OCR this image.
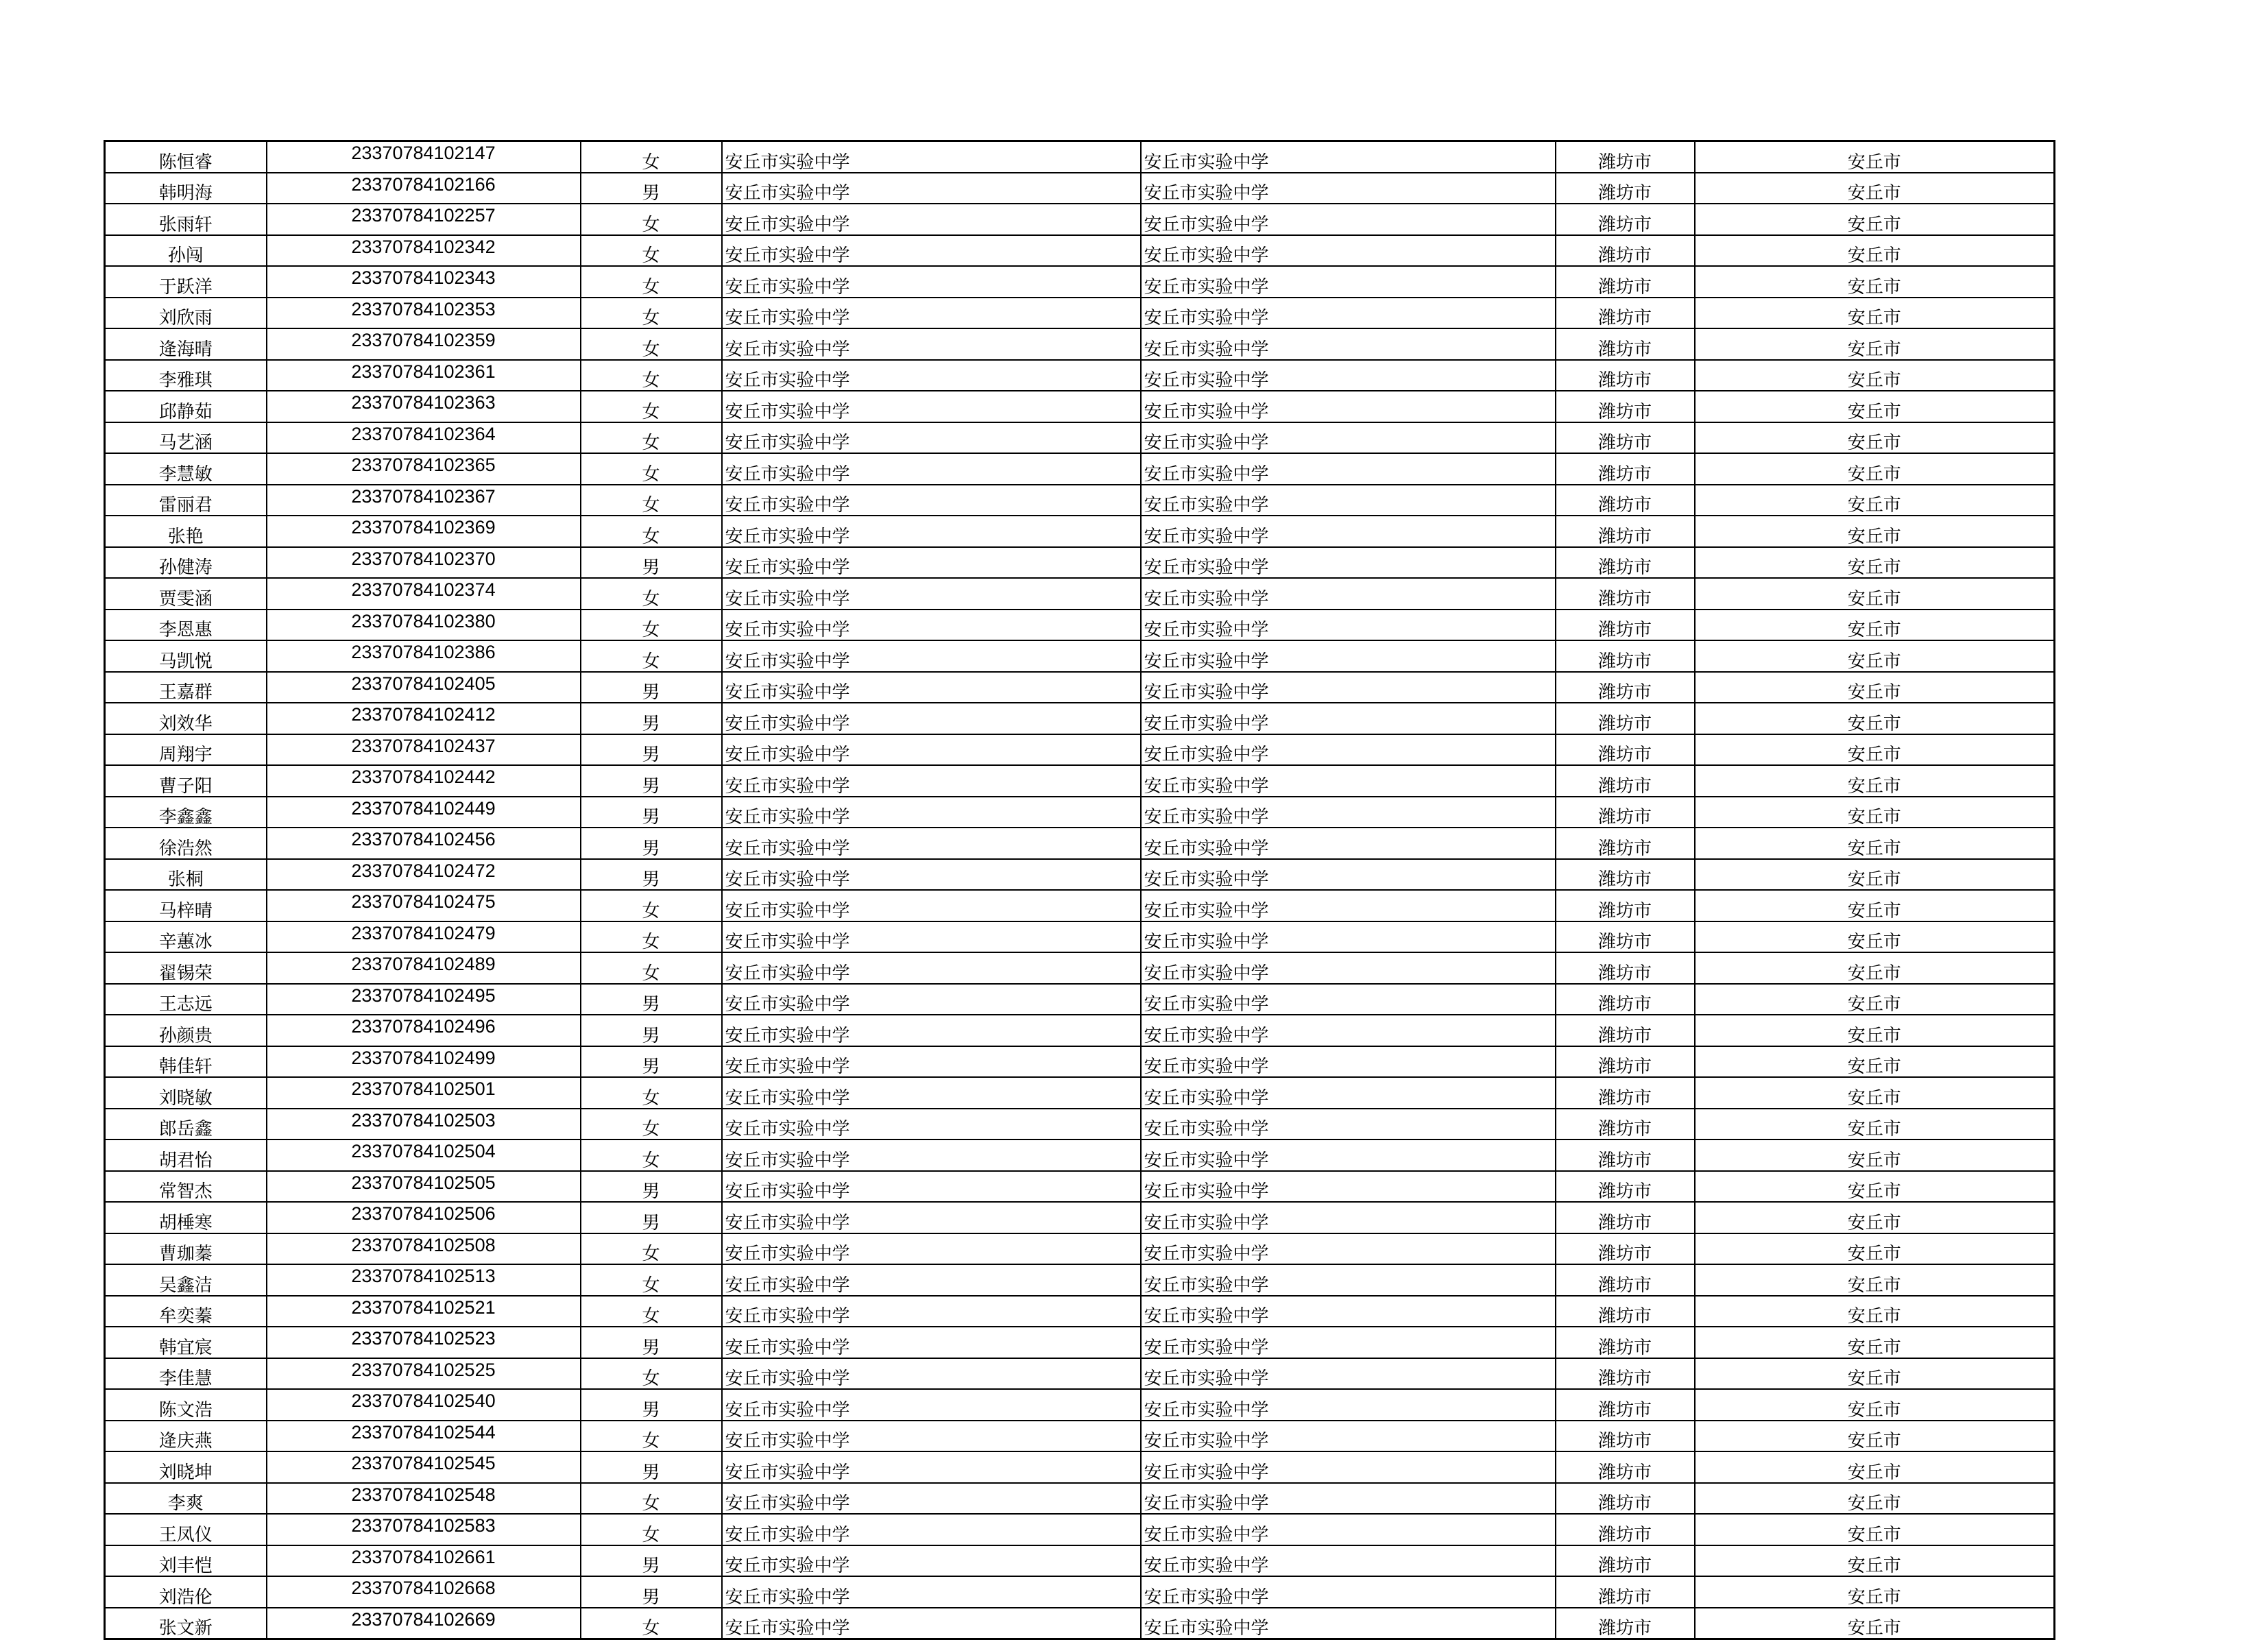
陈恒睿	23370784102147	女	安丘市实验中学	安丘市实验中学	潍坊市	安丘市
韩明海	23370784102166	男	安丘市实验中学	安丘市实验中学	潍坊市	安丘市
张雨轩	23370784102257	女	安丘市实验中学	安丘市实验中学	潍坊市	安丘市
孙闯	23370784102342	女	安丘市实验中学	安丘市实验中学	潍坊市	安丘市
于跃洋	23370784102343	女	安丘市实验中学	安丘市实验中学	潍坊市	安丘市
刘欣雨	23370784102353	女	安丘市实验中学	安丘市实验中学	潍坊市	安丘市
逄海晴	23370784102359	女	安丘市实验中学	安丘市实验中学	潍坊市	安丘市
李雅琪	23370784102361	女	安丘市实验中学	安丘市实验中学	潍坊市	安丘市
邱静茹	23370784102363	女	安丘市实验中学	安丘市实验中学	潍坊市	安丘市
马艺涵	23370784102364	女	安丘市实验中学	安丘市实验中学	潍坊市	安丘市
李慧敏	23370784102365	女	安丘市实验中学	安丘市实验中学	潍坊市	安丘市
雷丽君	23370784102367	女	安丘市实验中学	安丘市实验中学	潍坊市	安丘市
张艳	23370784102369	女	安丘市实验中学	安丘市实验中学	潍坊市	安丘市
孙健涛	23370784102370	男	安丘市实验中学	安丘市实验中学	潍坊市	安丘市
贾雯涵	23370784102374	女	安丘市实验中学	安丘市实验中学	潍坊市	安丘市
李恩惠	23370784102380	女	安丘市实验中学	安丘市实验中学	潍坊市	安丘市
马凯悦	23370784102386	女	安丘市实验中学	安丘市实验中学	潍坊市	安丘市
王嘉群	23370784102405	男	安丘市实验中学	安丘市实验中学	潍坊市	安丘市
刘效华	23370784102412	男	安丘市实验中学	安丘市实验中学	潍坊市	安丘市
周翔宇	23370784102437	男	安丘市实验中学	安丘市实验中学	潍坊市	安丘市
曹子阳	23370784102442	男	安丘市实验中学	安丘市实验中学	潍坊市	安丘市
李鑫鑫	23370784102449	男	安丘市实验中学	安丘市实验中学	潍坊市	安丘市
徐浩然	23370784102456	男	安丘市实验中学	安丘市实验中学	潍坊市	安丘市
张桐	23370784102472	男	安丘市实验中学	安丘市实验中学	潍坊市	安丘市
马梓晴	23370784102475	女	安丘市实验中学	安丘市实验中学	潍坊市	安丘市
辛蕙冰	23370784102479	女	安丘市实验中学	安丘市实验中学	潍坊市	安丘市
翟锡荣	23370784102489	女	安丘市实验中学	安丘市实验中学	潍坊市	安丘市
王志远	23370784102495	男	安丘市实验中学	安丘市实验中学	潍坊市	安丘市
孙颜贵	23370784102496	男	安丘市实验中学	安丘市实验中学	潍坊市	安丘市
韩佳轩	23370784102499	男	安丘市实验中学	安丘市实验中学	潍坊市	安丘市
刘晓敏	23370784102501	女	安丘市实验中学	安丘市实验中学	潍坊市	安丘市
郎岳鑫	23370784102503	女	安丘市实验中学	安丘市实验中学	潍坊市	安丘市
胡君怡	23370784102504	女	安丘市实验中学	安丘市实验中学	潍坊市	安丘市
常智杰	23370784102505	男	安丘市实验中学	安丘市实验中学	潍坊市	安丘市
胡棰寒	23370784102506	男	安丘市实验中学	安丘市实验中学	潍坊市	安丘市
曹珈蓁	23370784102508	女	安丘市实验中学	安丘市实验中学	潍坊市	安丘市
吴鑫洁	23370784102513	女	安丘市实验中学	安丘市实验中学	潍坊市	安丘市
牟奕蓁	23370784102521	女	安丘市实验中学	安丘市实验中学	潍坊市	安丘市
韩宜宸	23370784102523	男	安丘市实验中学	安丘市实验中学	潍坊市	安丘市
李佳慧	23370784102525	女	安丘市实验中学	安丘市实验中学	潍坊市	安丘市
陈文浩	23370784102540	男	安丘市实验中学	安丘市实验中学	潍坊市	安丘市
逄庆燕	23370784102544	女	安丘市实验中学	安丘市实验中学	潍坊市	安丘市
刘晓坤	23370784102545	男	安丘市实验中学	安丘市实验中学	潍坊市	安丘市
李爽	23370784102548	女	安丘市实验中学	安丘市实验中学	潍坊市	安丘市
王凤仪	23370784102583	女	安丘市实验中学	安丘市实验中学	潍坊市	安丘市
刘丰恺	23370784102661	男	安丘市实验中学	安丘市实验中学	潍坊市	安丘市
刘浩伦	23370784102668	男	安丘市实验中学	安丘市实验中学	潍坊市	安丘市
张文新	23370784102669	女	安丘市实验中学	安丘市实验中学	潍坊市	安丘市
